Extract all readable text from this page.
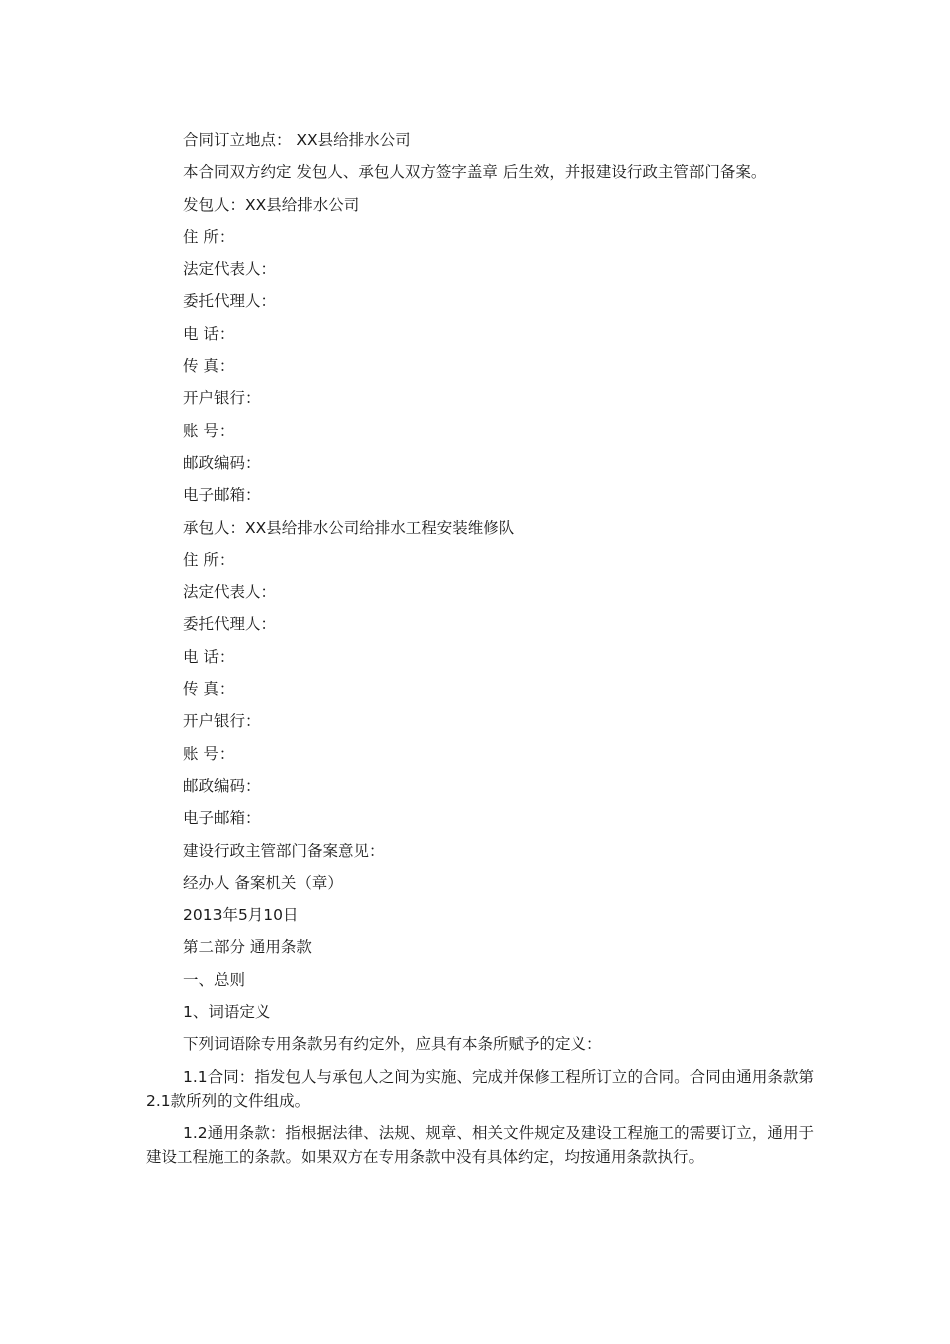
合同订立地点： XX县给排水公司
本合同双方约定 发包人、承包人双方签字盖章 后生效，并报建设行政主管部门备案。
发包人：XX县给排水公司
住 所：
法定代表人：
委托代理人：
电 话：
传 真：
开户银行：
账 号：
邮政编码：
电子邮箱：
承包人：XX县给排水公司给排水工程安装维修队
住 所：
法定代表人：
委托代理人：
电 话：
传 真：
开户银行：
账 号：
邮政编码：
电子邮箱：
建设行政主管部门备案意见：
经办人 备案机关（章）
2013年5月10日
第二部分 通用条款
一、总则
1、词语定义
下列词语除专用条款另有约定外，应具有本条所赋予的定义：
1.1合同：指发包人与承包人之间为实施、完成并保修工程所订立的合同。合同由通用条款第2.1款所列的文件组成。
1.2通用条款：指根据法律、法规、规章、相关文件规定及建设工程施工的需要订立，通用于建设工程施工的条款。如果双方在专用条款中没有具体约定，均按通用条款执行。
